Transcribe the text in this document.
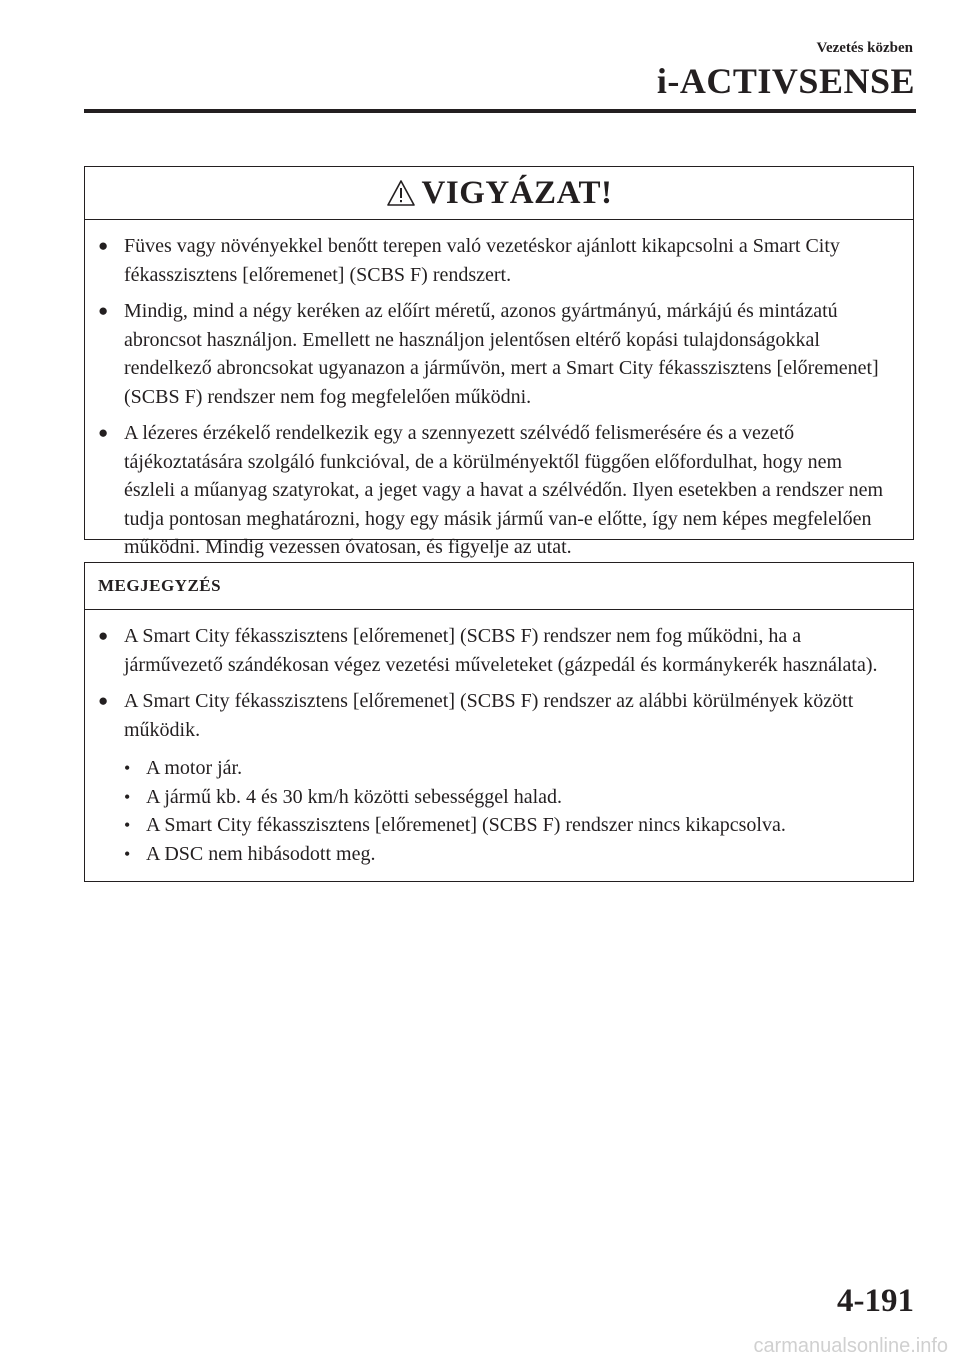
Vezetés közben
i-ACTIVSENSE
VIGYÁZAT!
● Füves vagy növényekkel benőtt terepen való vezetéskor ajánlott kikapcsolni a Smart City fékasszisztens [előremenet] (SCBS F) rendszert.
● Mindig, mind a négy keréken az előírt méretű, azonos gyártmányú, márkájú és mintázatú abroncsot használjon. Emellett ne használjon jelentősen eltérő kopási tulajdonságokkal rendelkező abroncsokat ugyanazon a járművön, mert a Smart City fékasszisztens [előremenet] (SCBS F) rendszer nem fog megfelelően működni.
● A lézeres érzékelő rendelkezik egy a szennyezett szélvédő felismerésére és a vezető tájékoztatására szolgáló funkcióval, de a körülményektől függően előfordulhat, hogy nem észleli a műanyag szatyrokat, a jeget vagy a havat a szélvédőn. Ilyen esetekben a rendszer nem tudja pontosan meghatározni, hogy egy másik jármű van-e előtte, így nem képes megfelelően működni. Mindig vezessen óvatosan, és figyelje az utat.
MEGJEGYZÉS
● A Smart City fékasszisztens [előremenet] (SCBS F) rendszer nem fog működni, ha a járművezető szándékosan végez vezetési műveleteket (gázpedál és kormánykerék használata).
● A Smart City fékasszisztens [előremenet] (SCBS F) rendszer az alábbi körülmények között működik.
• A motor jár.
• A jármű kb. 4 és 30 km/h közötti sebességgel halad.
• A Smart City fékasszisztens [előremenet] (SCBS F) rendszer nincs kikapcsolva.
• A DSC nem hibásodott meg.
4-191
carmanualsonline.info
